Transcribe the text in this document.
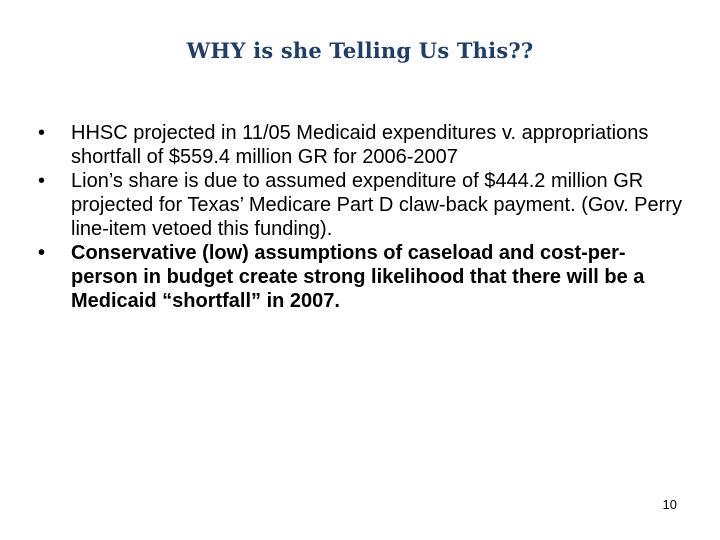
WHY is she Telling Us This??
•	HHSC projected in 11/05 Medicaid expenditures v. appropriations shortfall of $559.4 million GR for 2006-2007
•	Lion’s share is due to assumed expenditure of $444.2 million GR projected for Texas’ Medicare Part D claw-back payment. (Gov. Perry line-item vetoed this funding).
•	Conservative (low) assumptions of caseload and cost-per-person in budget create strong likelihood that there will be a Medicaid “shortfall” in 2007.
10
